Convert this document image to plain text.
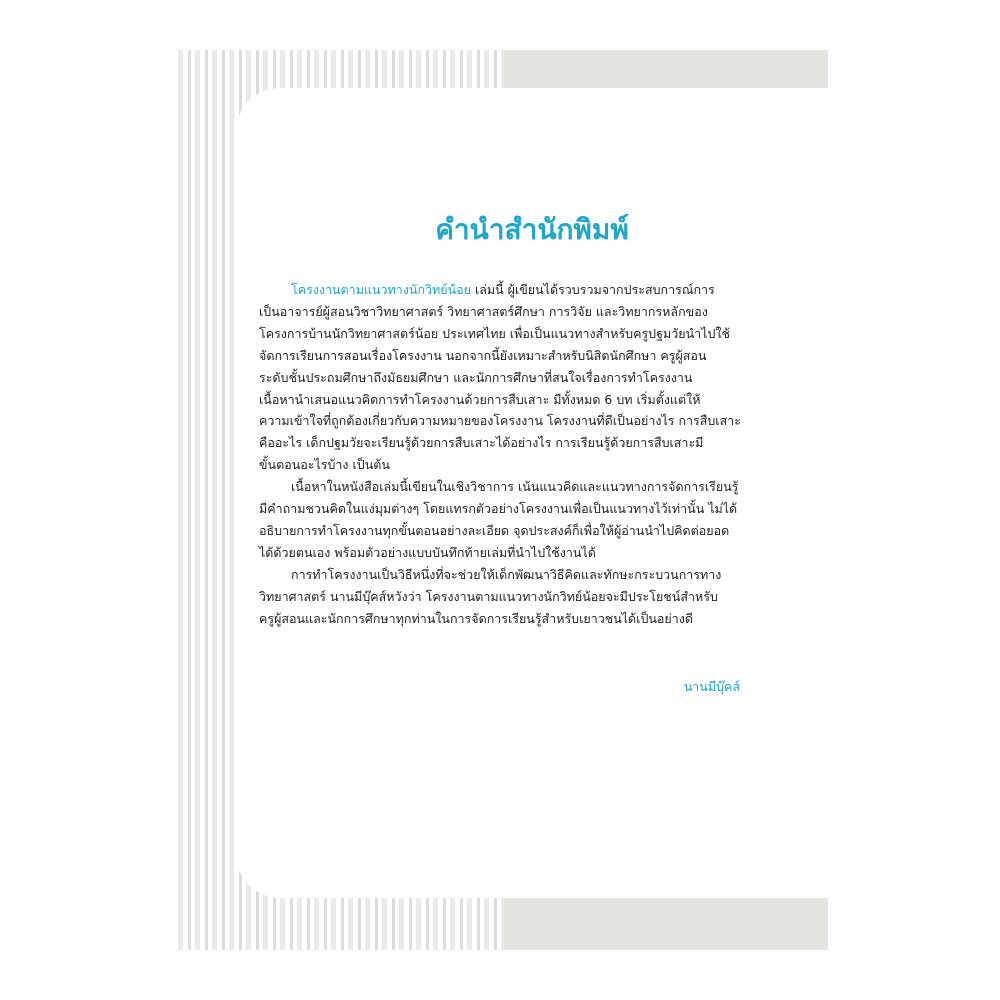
คำนำสำนักพิมพ์

โครงงานตามแนวทางนักวิทย์น้อย เล่มนี้ ผู้เขียนได้รวบรวมจากประสบการณ์การ

เป็นอาจารย์ผู้สอนวิชาวิทยาศาสตร์ วิทยาศาสตร์ศึกษา การวิจัย และวิทยากรหลักของ

โครงการบ้านนักวิทยาศาสตร์น้อย ประเทศไทย เพื่อเป็นแนวทางสำหรับครูปฐมวัยนำไปใช้

จัดการเรียนการสอนเรื่องโครงงาน นอกจากนี้ยังเหมาะสำหรับนิสิตนักศึกษา ครูผู้สอน

ระดับชั้นประถมศึกษาถึงมัธยมศึกษา และนักการศึกษาที่สนใจเรื่องการทำโครงงาน

เนื้อหานำเสนอแนวคิดการทำโครงงานด้วยการสืบเสาะ มีทั้งหมด 6 บท เริ่มตั้งแต่ให้

ความเข้าใจที่ถูกต้องเกี่ยวกับความหมายของโครงงาน โครงงานที่ดีเป็นอย่างไร การสืบเสาะ

คืออะไร เด็กปฐมวัยจะเรียนรู้ด้วยการสืบเสาะได้อย่างไร การเรียนรู้ด้วยการสืบเสาะมี

ขั้นตอนอะไรบ้าง เป็นต้น

เนื้อหาในหนังสือเล่มนี้เขียนในเชิงวิชาการ เน้นแนวคิดและแนวทางการจัดการเรียนรู้

มีคำถามชวนคิดในแง่มุมต่างๆ โดยแทรกตัวอย่างโครงงานเพื่อเป็นแนวทางไว้เท่านั้น ไม่ได้

อธิบายการทำโครงงานทุกขั้นตอนอย่างละเอียด จุดประสงค์ก็เพื่อให้ผู้อ่านนำไปคิดต่อยอด

ได้ด้วยตนเอง พร้อมตัวอย่างแบบบันทึกท้ายเล่มที่นำไปใช้งานได้

การทำโครงงานเป็นวิธีหนึ่งที่จะช่วยให้เด็กพัฒนาวิธีคิดและทักษะกระบวนการทาง

วิทยาศาสตร์ นานมีบุ๊คส์หวังว่า โครงงานตามแนวทางนักวิทย์น้อยจะมีประโยชน์สำหรับ

ครูผู้สอนและนักการศึกษาทุกท่านในการจัดการเรียนรู้สำหรับเยาวชนได้เป็นอย่างดี

นานมีบุ๊คส์
